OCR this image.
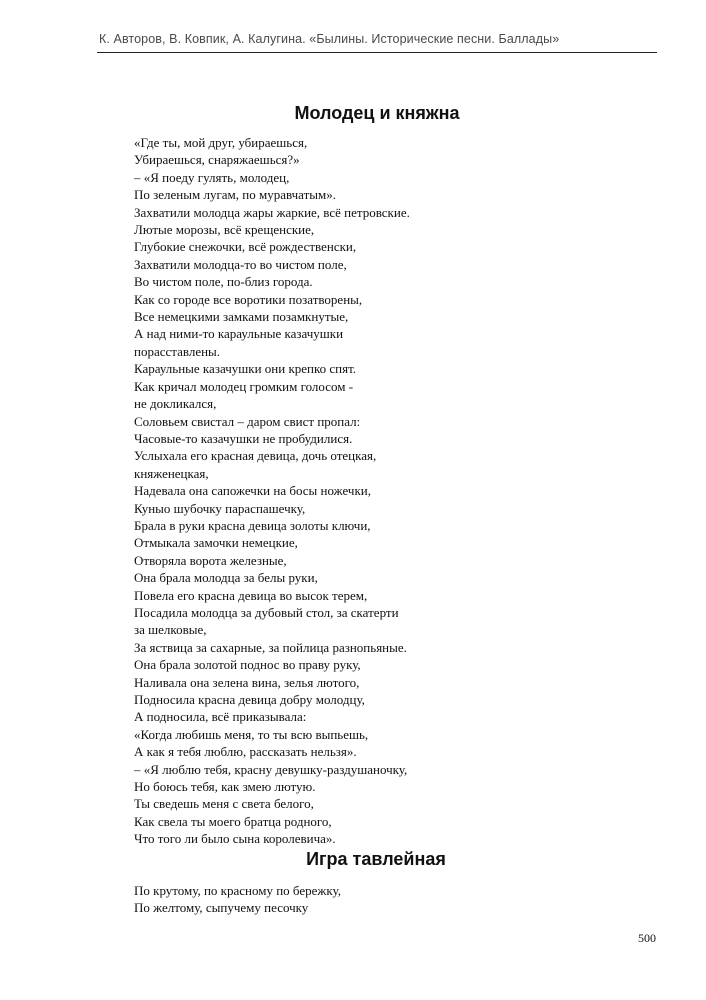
К. Авторов, В. Ковпик, А. Калугина. «Былины. Исторические песни. Баллады»
Молодец и княжна
«Где ты, мой друг, убираешься,
Убираешься, снаряжаешься?»
– «Я поеду гулять, молодец,
По зеленым лугам, по муравчатым».
Захватили молодца жары жаркие, всё петровские.
Лютые морозы, всё крещенские,
Глубокие снежочки, всё рождественски,
Захватили молодца-то во чистом поле,
Во чистом поле, по-близ города.
Как со городе все воротики позатворены,
Все немецкими замками позамкнутые,
А над ними-то караульные казачушки
порасставлены.
Караульные казачушки они крепко спят.
Как кричал молодец громким голосом -
не докликался,
Соловьем свистал – даром свист пропал:
Часовые-то казачушки не пробудилися.
Услыхала его красная девица, дочь отецкая,
княженецкая,
Надевала она сапожечки на босы ножечки,
Куныо шубочку параспашечку,
Брала в руки красна девица золоты ключи,
Отмыкала замочки немецкие,
Отворяла ворота железные,
Она брала молодца за белы руки,
Повела его красна девица во высок терем,
Посадила молодца за дубовый стол, за скатерти
за шелковые,
За яствица за сахарные, за пойлица разнопьяные.
Она брала золотой поднос во праву руку,
Наливала она зелена вина, зелья лютого,
Подносила красна девица добру молодцу,
А подносила, всё приказывала:
«Когда любишь меня, то ты всю выпьешь,
А как я тебя люблю, рассказать нельзя».
– «Я люблю тебя, красну девушку-раздушаночку,
Но боюсь тебя, как змею лютую.
Ты сведешь меня с света белого,
Как свела ты моего братца родного,
Что того ли было сына королевича».
Игра тавлейная
По крутому, по красному по бережку,
По желтому, сыпучему песочку
500
